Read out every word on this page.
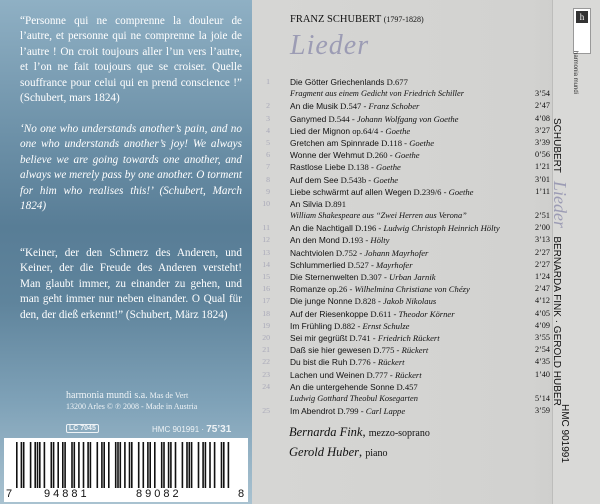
“Personne qui ne comprenne la douleur de l’autre, et personne qui ne comprenne la joie de l’autre ! On croit toujours aller l’un vers l’autre, et l’on ne fait toujours que se croiser. Quelle souffrance pour celui qui en prend conscience !” (Schubert, mars 1824)
‘No one who understands another’s pain, and no one who understands another’s joy! We always believe we are going towards one another, and always we merely pass by one another. O torment for him who realises this!’ (Schubert, March 1824)
“Keiner, der den Schmerz des Anderen, und Keiner, der die Freude des Anderen versteht! Man glaubt immer, zu einander zu gehen, und man geht immer nur neben einander. O Qual für den, der dieß erkennt!” (Schubert, März 1824)
harmonia mundi s.a. Mas de Vert
13200 Arles © ℗ 2008 - Made in Austria
LC 7045	HMC 901991 · 75’31
7	94881	89082	8
FRANZ SCHUBERT (1797-1828)
Lieder
1 Die Götter Griechenlands D.677
Fragment aus einem Gedicht von Friedrich Schiller	3’54
2 An die Musik D.547 - Franz Schober	2’47
3 Ganymed D.544 - Johann Wolfgang von Goethe	4’08
4 Lied der Mignon op.64/4 - Goethe	3’27
5 Gretchen am Spinnrade D.118 - Goethe	3’39
6 Wonne der Wehmut D.260 - Goethe	0’56
7 Rastlose Liebe D.138 - Goethe	1’21
8 Auf dem See D.543b - Goethe	3’01
9 Liebe schwärmt auf allen Wegen D.239/6 - Goethe	1’11
10 An Silvia D.891
William Shakespeare aus “Zwei Herren aus Verona”	2’51
11 An die Nachtigall D.196 - Ludwig Christoph Heinrich Hölty	2’00
12 An den Mond D.193 - Hölty	3’13
13 Nachtviolen D.752 - Johann Mayrhofer	2’27
14 Schlummerlied D.527 - Mayrhofer	2’27
15 Die Sternenwelten D.307 - Urban Jarnik	1’24
16 Romanze op.26 - Wilhelmina Christiane von Chézy	2’47
17 Die junge Nonne D.828 - Jakob Nikolaus	4’12
18 Auf der Riesenkoppe D.611 - Theodor Körner	4’05
19 Im Frühling D.882 - Ernst Schulze	4’09
20 Sei mir gegrüßt D.741 - Friedrich Rückert	3’55
21 Daß sie hier gewesen D.775 - Rückert	2’54
22 Du bist die Ruh D.776 - Rückert	4’35
23 Lachen und Weinen D.777 - Rückert	1’40
24 An die untergehende Sonne D.457
Ludwig Gotthard Theobul Kosegarten	5’14
25 Im Abendrot D.799 - Carl Lappe	3’59
Bernarda Fink, mezzo-soprano
Gerold Huber, piano
h
harmonia mundi
SCHUBERT   Lieder   BERNARDA FINK · GEROLD HUBER
HMC 901991
